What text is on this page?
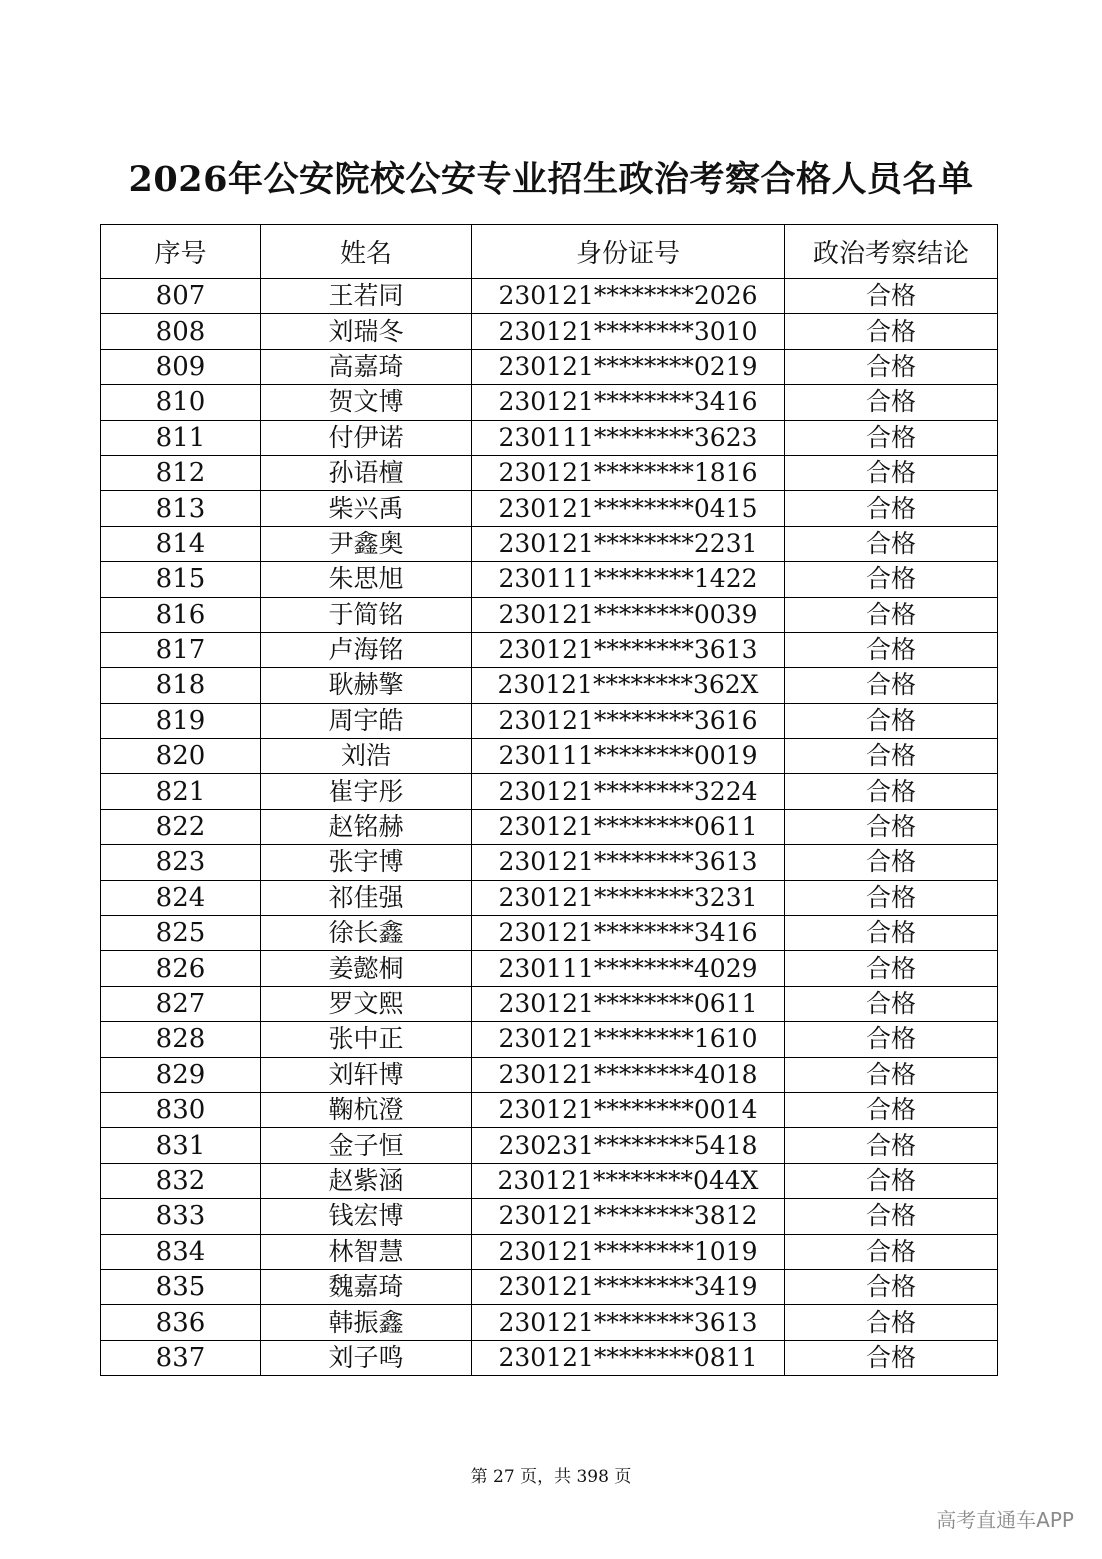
2026年公安院校公安专业招生政治考察合格人员名单
序号	姓名	身份证号	政治考察结论
807	王若同	230121********2026	合格
808	刘瑞冬	230121********3010	合格
809	高嘉琦	230121********0219	合格
810	贺文博	230121********3416	合格
811	付伊诺	230111********3623	合格
812	孙语檀	230121********1816	合格
813	柴兴禹	230121********0415	合格
814	尹鑫奥	230121********2231	合格
815	朱思旭	230111********1422	合格
816	于简铭	230121********0039	合格
817	卢海铭	230121********3613	合格
818	耿赫擎	230121********362X	合格
819	周宇皓	230121********3616	合格
820	刘浩	230111********0019	合格
821	崔宇彤	230121********3224	合格
822	赵铭赫	230121********0611	合格
823	张宇博	230121********3613	合格
824	祁佳强	230121********3231	合格
825	徐长鑫	230121********3416	合格
826	姜懿桐	230111********4029	合格
827	罗文熙	230121********0611	合格
828	张中正	230121********1610	合格
829	刘轩博	230121********4018	合格
830	鞠杭澄	230121********0014	合格
831	金子恒	230231********5418	合格
832	赵紫涵	230121********044X	合格
833	钱宏博	230121********3812	合格
834	林智慧	230121********1019	合格
835	魏嘉琦	230121********3419	合格
836	韩振鑫	230121********3613	合格
837	刘子鸣	230121********0811	合格
第 27 页，共 398 页
高考直通车APP
